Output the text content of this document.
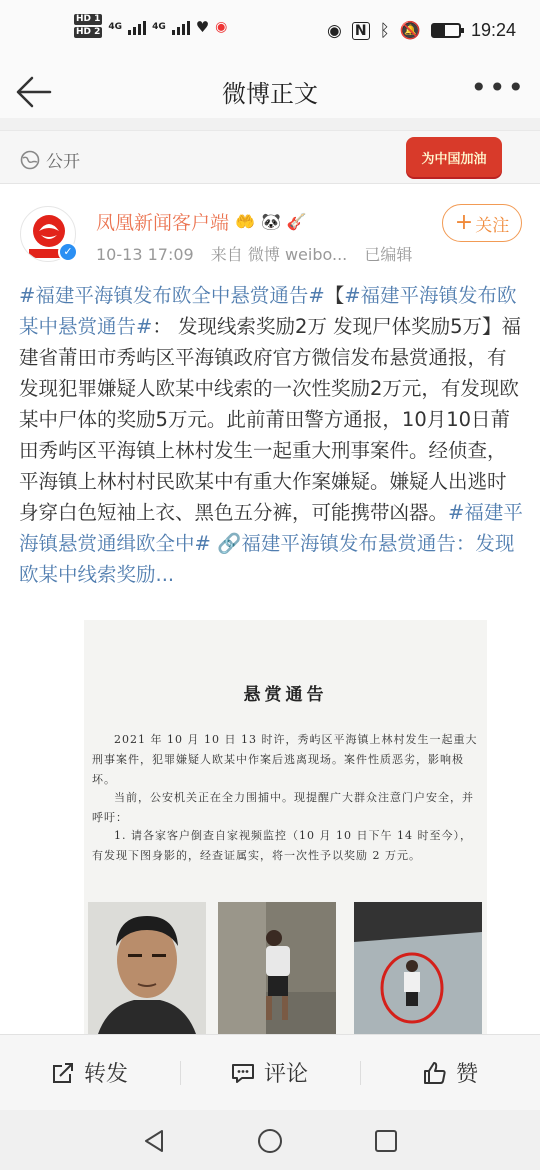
HD 1
HD 2 4G	4G ♥ ◉	◉ N ᛒ 🔕	19:24
微博正文	•••
公开	为中国加油
✓
凤凰新闻客户端 🤲 🐼 🎸
10-13 17:09 来自 微博 weibo... 已编辑
+ 关注
#福建平海镇发布欧全中悬赏通告#【#福建平海镇发布欧某中悬赏通告#： 发现线索奖励2万 发现尸体奖励5万】福建省莆田市秀屿区平海镇政府官方微信发布悬赏通报，有发现犯罪嫌疑人欧某中线索的一次性奖励2万元，有发现欧某中尸体的奖励5万元。此前莆田警方通报，10月10日莆田秀屿区平海镇上林村发生一起重大刑事案件。经侦查，平海镇上林村村民欧某中有重大作案嫌疑。嫌疑人出逃时身穿白色短袖上衣、黑色五分裤，可能携带凶器。#福建平海镇悬赏通缉欧全中# 🔗福建平海镇发布悬赏通告：发现欧某中线索奖励...
悬赏通告
2021 年 10 月 10 日 13 时许，秀屿区平海镇上林村发生一起重大刑事案件，犯罪嫌疑人欧某中作案后逃离现场。案件性质恶劣，影响极坏。
当前，公安机关正在全力围捕中。现提醒广大群众注意门户安全，并呼吁：
1. 请各家客户倒查自家视频监控（10 月 10 日下午 14 时至今），有发现下图身影的，经查证属实，将一次性予以奖励 2 万元。
转发	评论	赞
